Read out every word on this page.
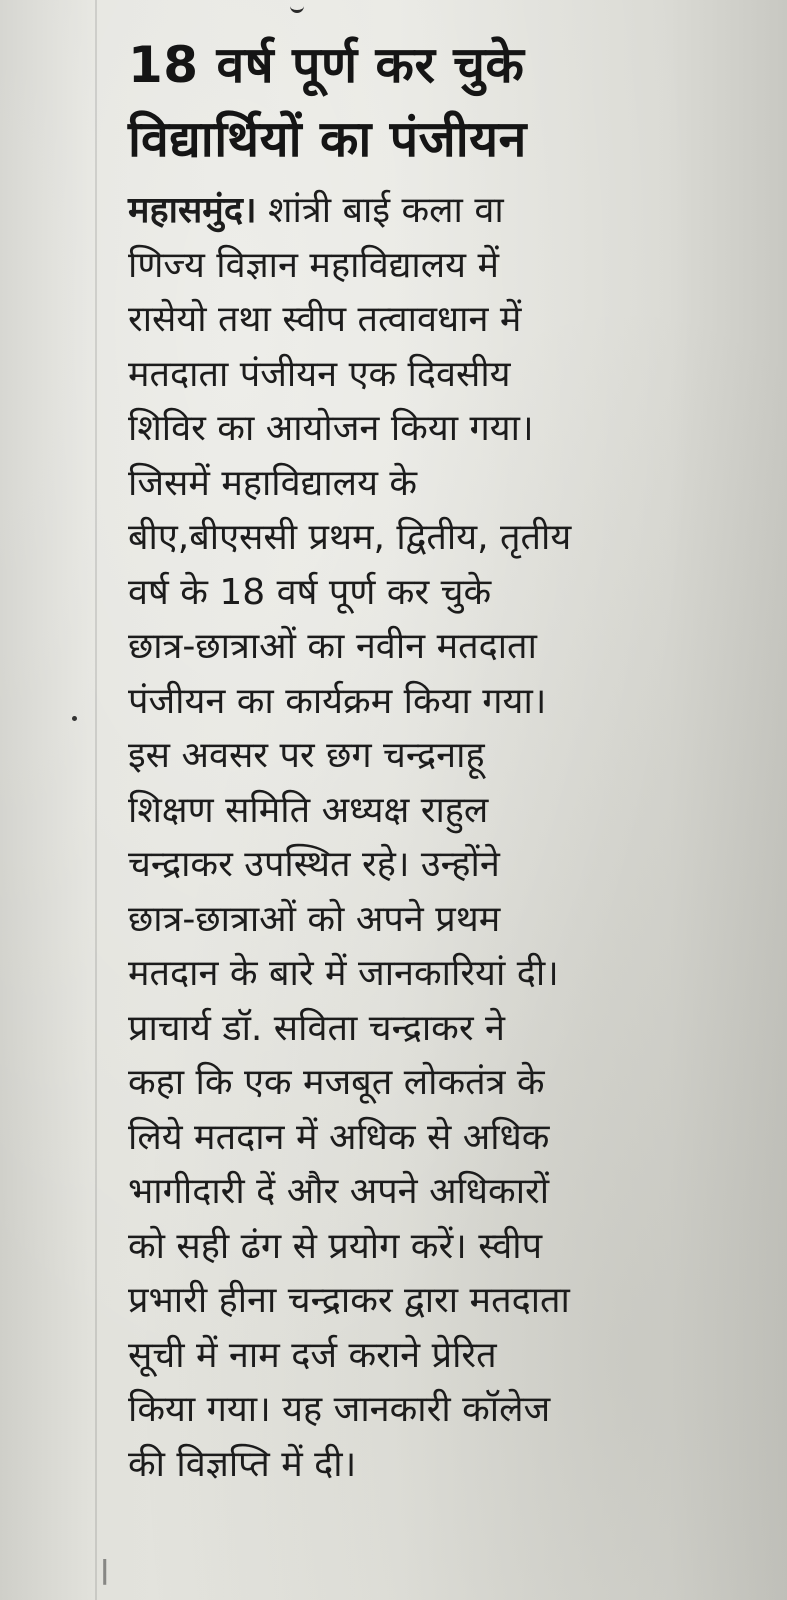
l
18 वर्ष पूर्ण कर चुके
विद्यार्थियों का पंजीयन
महासमुंद। शांत्री बाई कला वा
णिज्य विज्ञान महाविद्यालय में
रासेयो तथा स्वीप तत्वावधान में
मतदाता पंजीयन एक दिवसीय
शिविर का आयोजन किया गया।
जिसमें महाविद्यालय के
बीए,बीएससी प्रथम, द्वितीय, तृतीय
वर्ष के 18 वर्ष पूर्ण कर चुके
छात्र-छात्राओं का नवीन मतदाता
पंजीयन का कार्यक्रम किया गया।
इस अवसर पर छग चन्द्रनाहू
शिक्षण समिति अध्यक्ष राहुल
चन्द्राकर उपस्थित रहे। उन्होंने
छात्र-छात्राओं को अपने प्रथम
मतदान के बारे में जानकारियां दी।
प्राचार्य डॉ. सविता चन्द्राकर ने
कहा कि एक मजबूत लोकतंत्र के
लिये मतदान में अधिक से अधिक
भागीदारी दें और अपने अधिकारों
को सही ढंग से प्रयोग करें। स्वीप
प्रभारी हीना चन्द्राकर द्वारा मतदाता
सूची में नाम दर्ज कराने प्रेरित
किया गया। यह जानकारी कॉलेज
की विज्ञप्ति में दी।
